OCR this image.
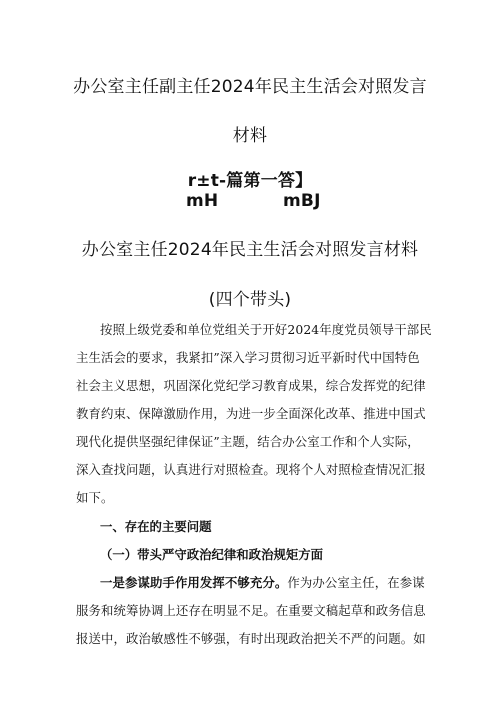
办公室主任副主任2024年民主生活会对照发言
材料
r±t-篇第一答】
mH	mBJ
办公室主任2024年民主生活会对照发言材料
(四个带头)
按照上级党委和单位党组关于开好2024年度党员领导干部民
主生活会的要求，我紧扣”深入学习贯彻习近平新时代中国特色
社会主义思想，巩固深化党纪学习教育成果，综合发挥党的纪律
教育约束、保障激励作用，为进一步全面深化改革、推进中国式
现代化提供坚强纪律保证”主题，结合办公室工作和个人实际，
深入查找问题，认真进行对照检查。现将个人对照检查情况汇报
如下。
一、存在的主要问题
（一）带头严守政治纪律和政治规矩方面
一是参谋助手作用发挥不够充分。作为办公室主任，在参谋
服务和统筹协调上还存在明显不足。在重要文稿起草和政务信息
报送中，政治敏感性不够强，有时出现政治把关不严的问题。如
